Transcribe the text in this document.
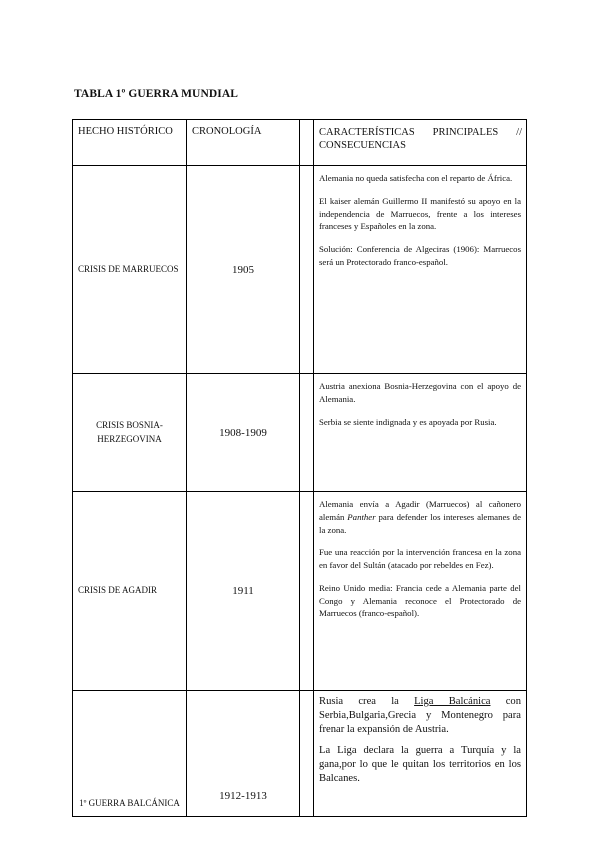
TABLA 1º GUERRA MUNDIAL
HECHO HISTÓRICO	CRONOLOGÍA		CARACTERÍSTICAS PRINCIPALES // CONSECUENCIAS
CRISIS DE MARRUECOS	1905		Alemania no queda satisfecha con el reparto de África.

El kaiser alemán Guillermo II manifestó su apoyo en la independencia de Marruecos, frente a los intereses franceses y Españoles en la zona.

Solución: Conferencia de Algeciras (1906): Marruecos será un Protectorado franco-español.

CRISIS BOSNIA-HERZEGOVINA	1908-1909		Austria anexiona Bosnia-Herzegovina con el apoyo de Alemania.

Serbia se siente indignada y es apoyada por Rusia.

CRISIS DE AGADIR	1911		Alemania envía a Agadir (Marruecos) al cañonero alemán Panther para defender los intereses alemanes de la zona.

Fue una reacción por la intervención francesa en la zona en favor del Sultán (atacado por rebeldes en Fez).

Reino Unido media: Francia cede a Alemania parte del Congo y Alemania reconoce el Protectorado de Marruecos (franco-español).

1º GUERRA BALCÁNICA	1912-1913		Rusia crea la Liga Balcánica con Serbia,Bulgaria,Grecia y Montenegro para frenar la expansión de Austria.

La Liga declara la guerra a Turquía y la gana,por lo que le quitan los territorios en los Balcanes.
